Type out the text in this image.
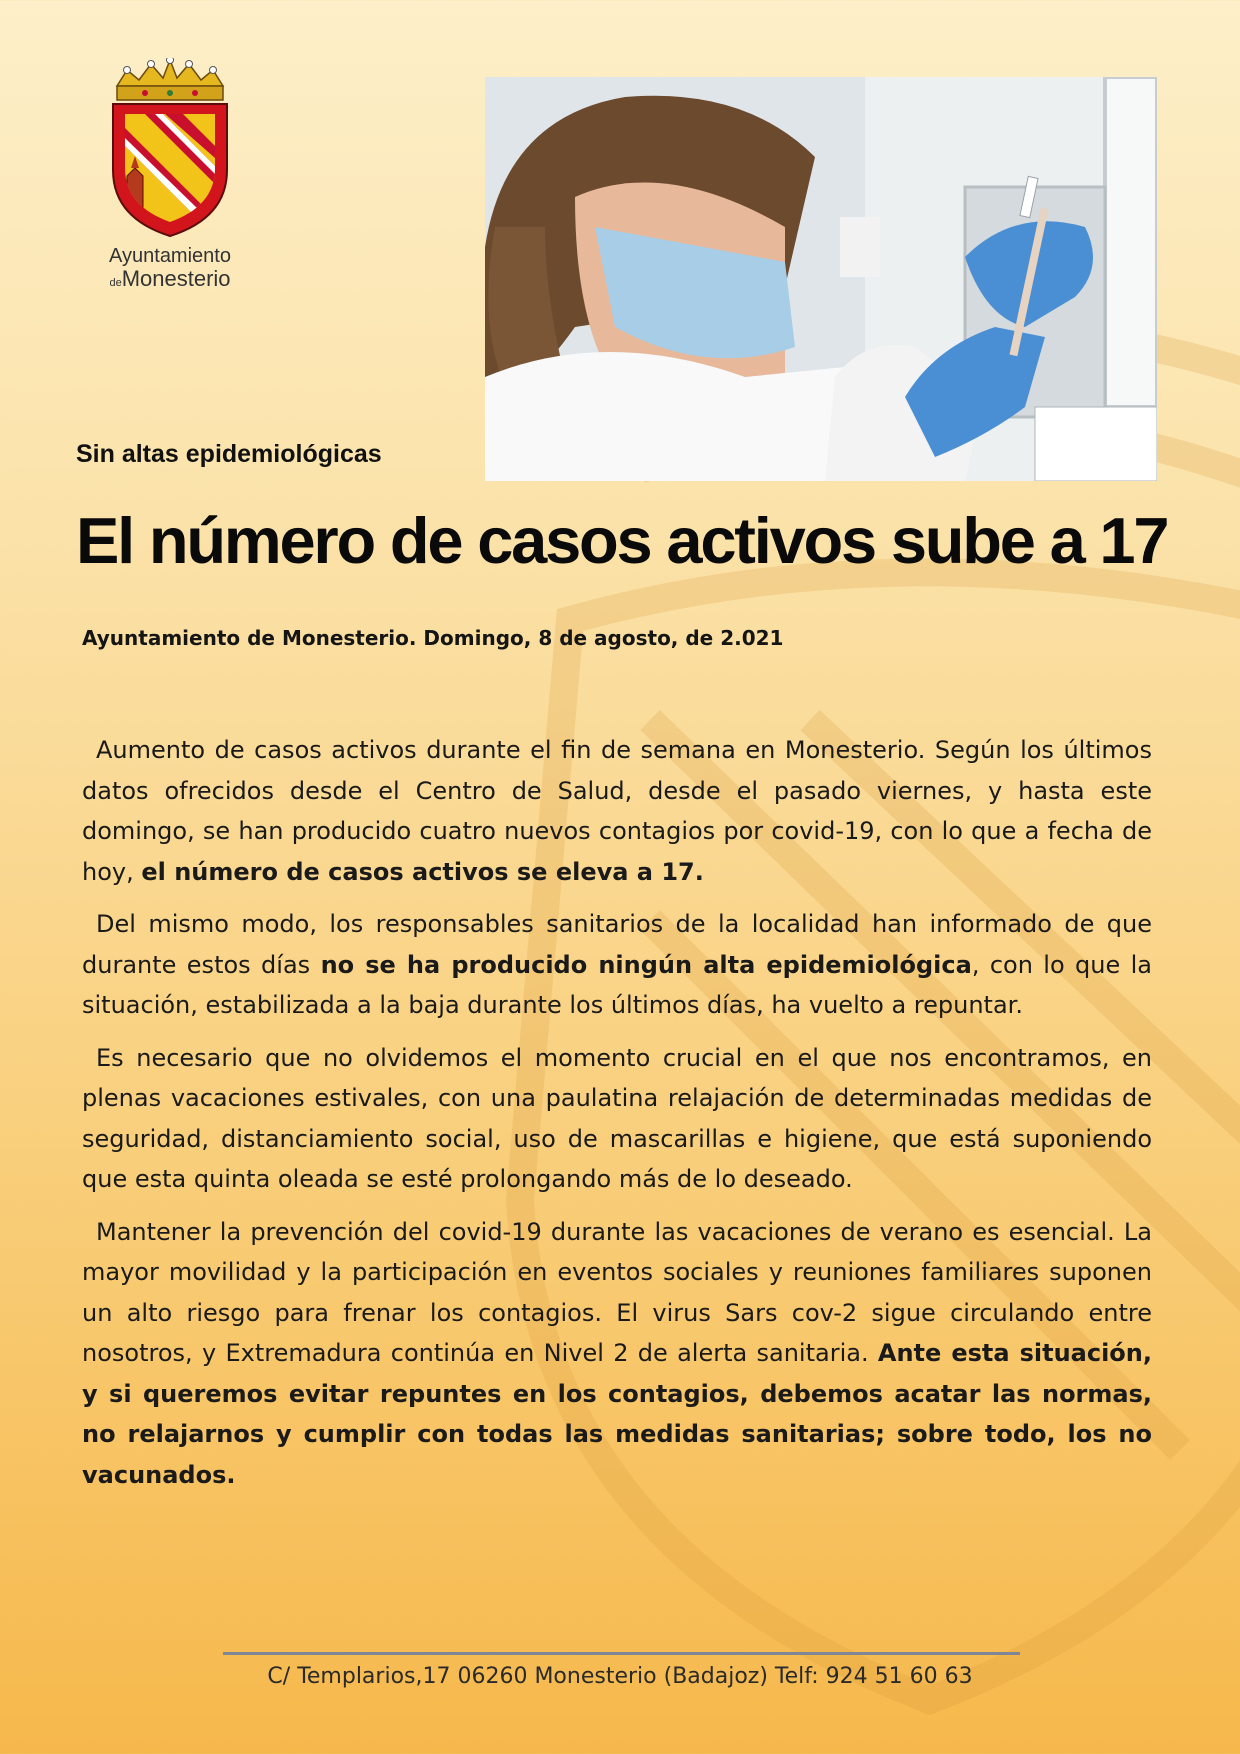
Ayuntamiento
deMonesterio
Sin altas epidemiológicas
El número de casos activos sube a 17

Ayuntamiento de Monesterio. Domingo, 8 de agosto, de 2.021

Aumento de casos activos durante el fin de semana en Monesterio. Según los últimos datos ofrecidos desde el Centro de Salud, desde el pasado viernes, y hasta este domingo, se han producido cuatro nuevos contagios por covid-19, con lo que a fecha de hoy, el número de casos activos se eleva a 17.

Del mismo modo, los responsables sanitarios de la localidad han informado de que durante estos días no se ha producido ningún alta epidemiológica, con lo que la situación, estabilizada a la baja durante los últimos días, ha vuelto a repuntar.

Es necesario que no olvidemos el momento crucial en el que nos encontramos, en plenas vacaciones estivales, con una paulatina relajación de determinadas medidas de seguridad, distanciamiento social, uso de mascarillas e higiene, que está suponiendo que esta quinta oleada se esté prolongando más de lo deseado.

Mantener la prevención del covid-19 durante las vacaciones de verano es esencial. La mayor movilidad y la participación en eventos sociales y reuniones familiares suponen un alto riesgo para frenar los contagios. El virus Sars cov-2 sigue circulando entre nosotros, y Extremadura continúa en Nivel 2 de alerta sanitaria. Ante esta situación, y si queremos evitar repuntes en los contagios, debemos acatar las normas, no relajarnos y cumplir con todas las medidas sanitarias; sobre todo, los no vacunados.

C/ Templarios,17 06260 Monesterio (Badajoz) Telf: 924 51 60 63
